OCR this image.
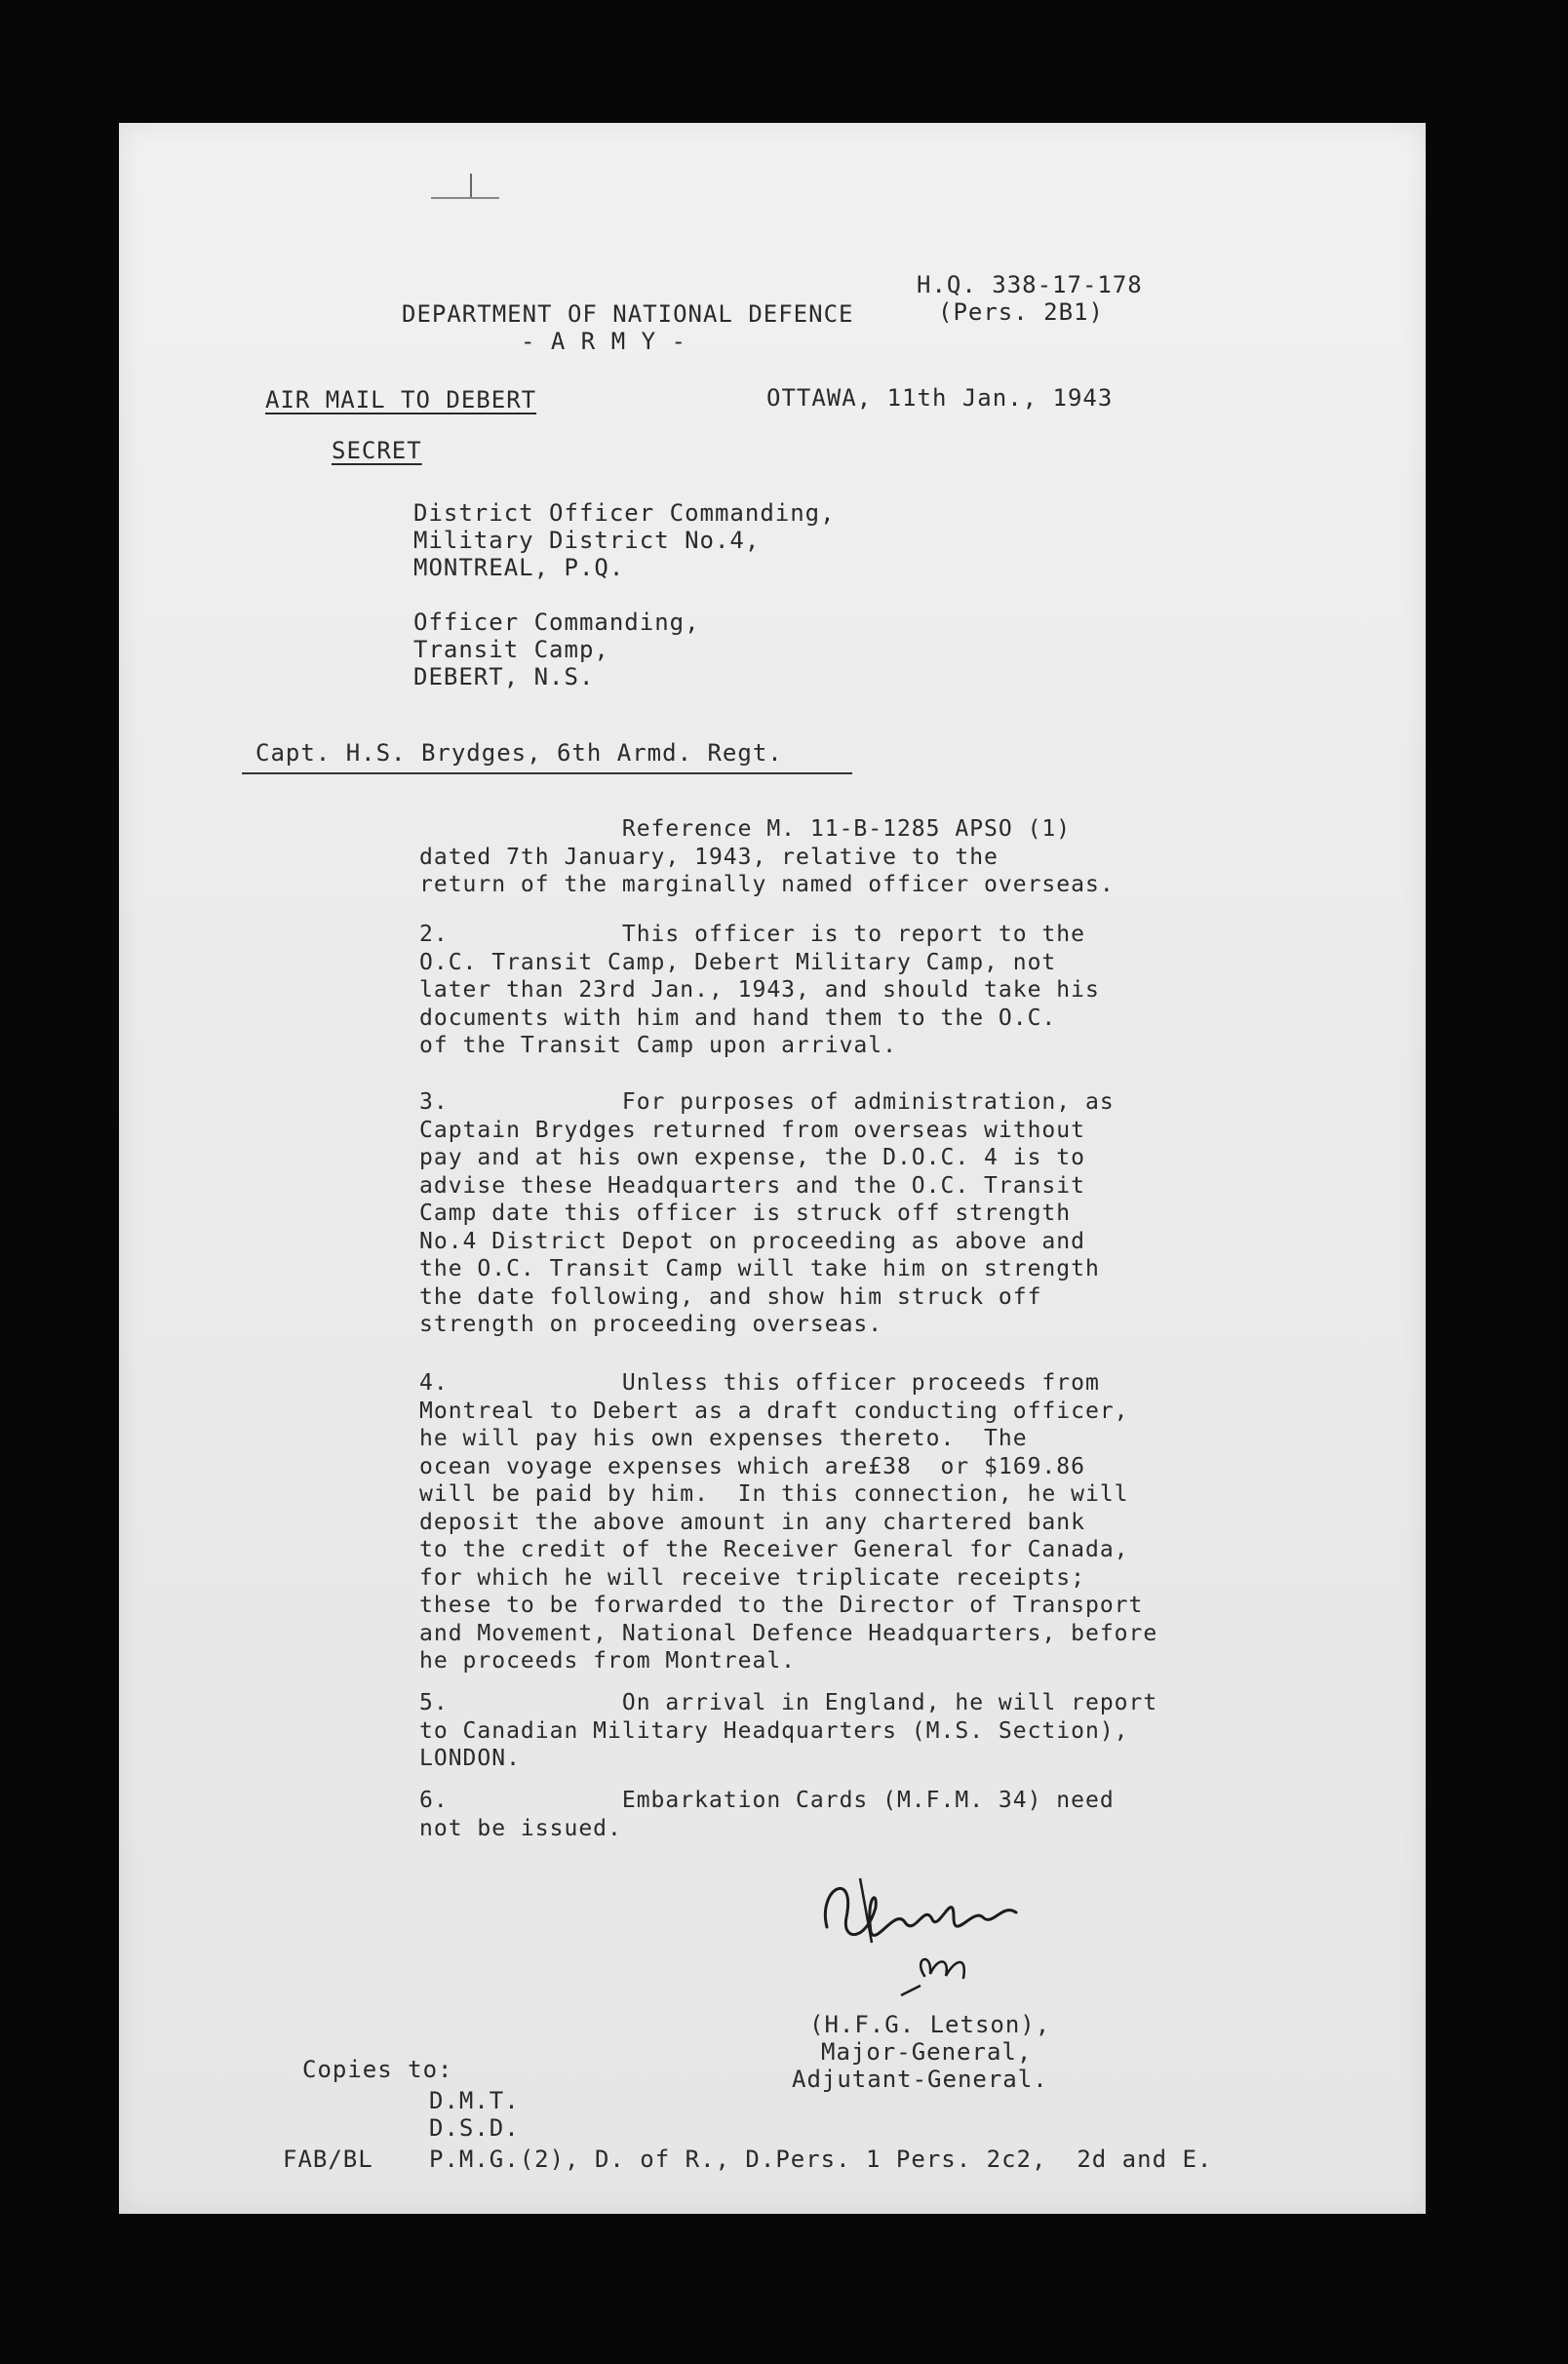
H.Q. 338-17-178
(Pers. 2B1)
DEPARTMENT OF NATIONAL DEFENCE
- A R M Y -
AIR MAIL TO DEBERT	OTTAWA, 11th Jan., 1943
SECRET
District Officer Commanding,
Military District No.4,
MONTREAL, P.Q.
Officer Commanding,
Transit Camp,
DEBERT, N.S.
Capt. H.S. Brydges, 6th Armd. Regt.
Reference M. 11-B-1285 APSO (1)
dated 7th January, 1943, relative to the
return of the marginally named officer overseas.
2.            This officer is to report to the
O.C. Transit Camp, Debert Military Camp, not
later than 23rd Jan., 1943, and should take his
documents with him and hand them to the O.C.
of the Transit Camp upon arrival.
3.            For purposes of administration, as
Captain Brydges returned from overseas without
pay and at his own expense, the D.O.C. 4 is to
advise these Headquarters and the O.C. Transit
Camp date this officer is struck off strength
No.4 District Depot on proceeding as above and
the O.C. Transit Camp will take him on strength
the date following, and show him struck off
strength on proceeding overseas.
4.            Unless this officer proceeds from
Montreal to Debert as a draft conducting officer,
he will pay his own expenses thereto.  The
ocean voyage expenses which are£38  or $169.86
will be paid by him.  In this connection, he will
deposit the above amount in any chartered bank
to the credit of the Receiver General for Canada,
for which he will receive triplicate receipts;
these to be forwarded to the Director of Transport
and Movement, National Defence Headquarters, before
he proceeds from Montreal.
5.            On arrival in England, he will report
to Canadian Military Headquarters (M.S. Section),
LONDON.
6.            Embarkation Cards (M.F.M. 34) need
not be issued.
(H.F.G. Letson),
Major-General,
Adjutant-General.
Copies to:
D.M.T.
D.S.D.
FAB/BL P.M.G.(2), D. of R., D.Pers. 1 Pers. 2c2,  2d and E.
